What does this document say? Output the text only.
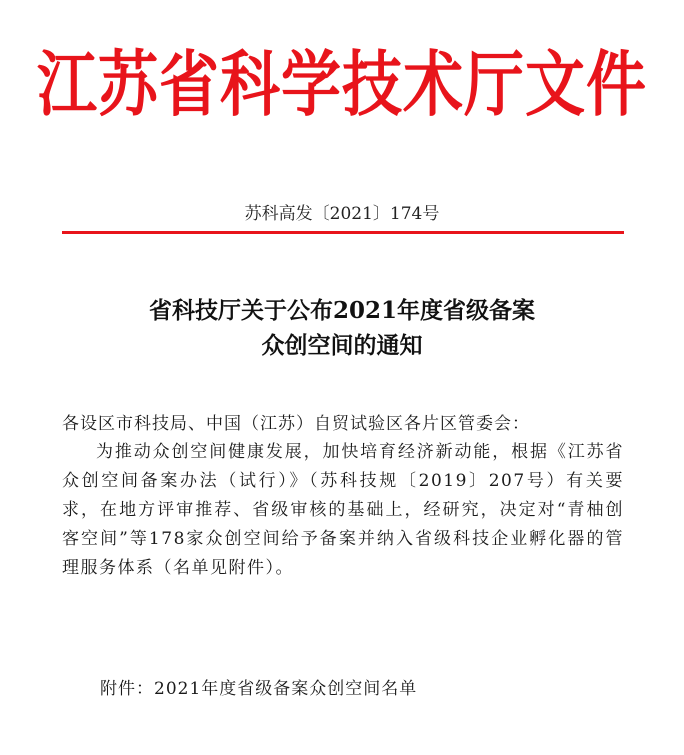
江苏省科学技术厅文件
苏科高发〔2021〕174号
省科技厅关于公布2021年度省级备案
众创空间的通知
各设区市科技局、中国（江苏）自贸试验区各片区管委会：

为推动众创空间健康发展，加快培育经济新动能，根据《江苏省众创空间备案办法（试行）》（苏科技规〔2019〕207号）有关要求，在地方评审推荐、省级审核的基础上，经研究，决定对“青柚创客空间”等178家众创空间给予备案并纳入省级科技企业孵化器的管理服务体系（名单见附件）。

附件：2021年度省级备案众创空间名单
